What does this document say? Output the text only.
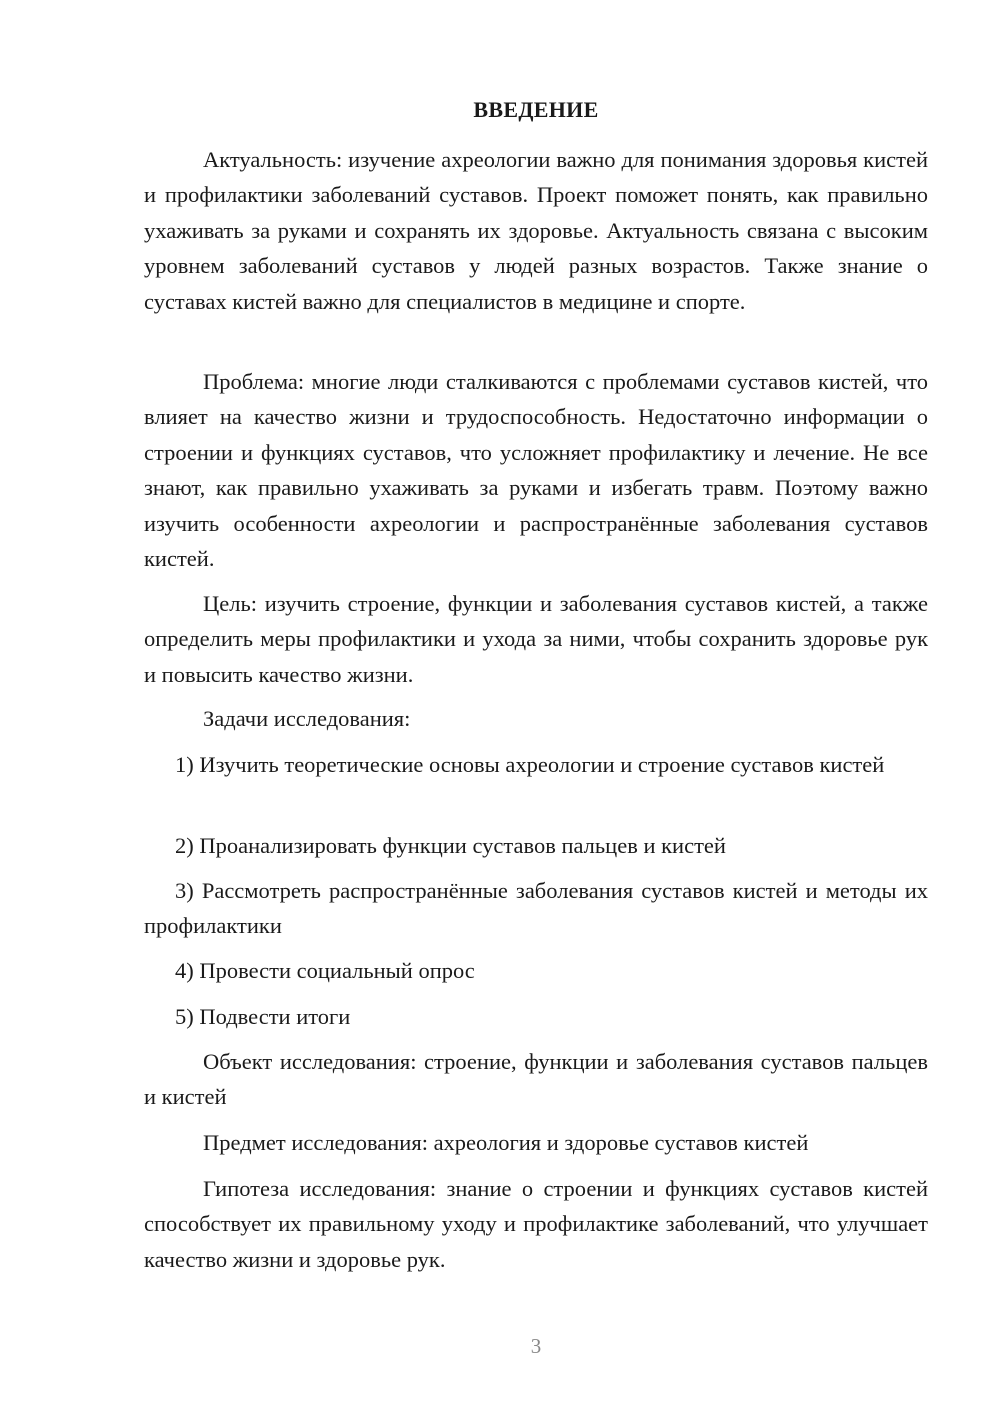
ВВЕДЕНИЕ

Актуальность: изучение ахреологии важно для понимания здоровья кистей и профилактики заболеваний суставов. Проект поможет понять, как правильно ухаживать за руками и сохранять их здоровье. Актуальность связана с высоким уровнем заболеваний суставов у людей разных возрастов. Также знание о суставах кистей важно для специалистов в медицине и спорте.

Проблема: многие люди сталкиваются с проблемами суставов кистей, что влияет на качество жизни и трудоспособность. Недостаточно информации о строении и функциях суставов, что усложняет профилактику и лечение. Не все знают, как правильно ухаживать за руками и избегать травм. Поэтому важно изучить особенности ахреологии и распространённые заболевания суставов кистей.

Цель: изучить строение, функции и заболевания суставов кистей, а также определить меры профилактики и ухода за ними, чтобы сохранить здоровье рук и повысить качество жизни.

Задачи исследования:

1) Изучить теоретические основы ахреологии и строение суставов кистей

2) Проанализировать функции суставов пальцев и кистей

3) Рассмотреть распространённые заболевания суставов кистей и методы их профилактики

4) Провести социальный опрос

5) Подвести итоги

Объект исследования: строение, функции и заболевания суставов пальцев и кистей

Предмет исследования: ахреология и здоровье суставов кистей

Гипотеза исследования: знание о строении и функциях суставов кистей способствует их правильному уходу и профилактике заболеваний, что улучшает качество жизни и здоровье рук.

3
